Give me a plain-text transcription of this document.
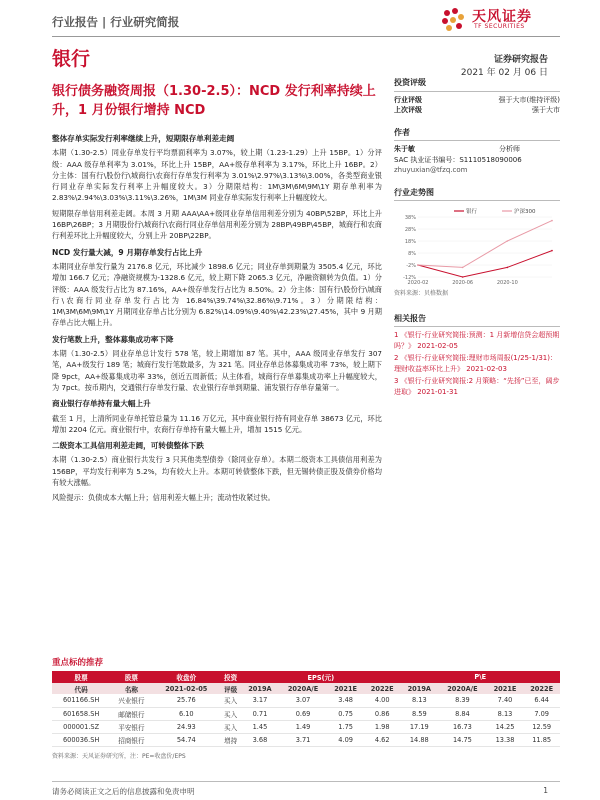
行业报告 | 行业研究简报	天风证券
TF SECURITIES
银行	证券研究报告
2021 年 02 月 06 日
银行债务融资周报（1.30-2.5）：NCD 发行利率持续上升，1 月份银行增持 NCD
整体存单实际发行利率继续上升，短期限存单利差走阔

本期（1.30-2.5）同业存单发行平均票面利率为 3.07%，较上期（1.23-1.29）上升 15BP。1）分评级：AAA 级存单利率为 3.01%，环比上升 15BP，AA+级存单利率为 3.17%，环比上升 16BP。2）分主体：国有行\股份行\城商行\农商行存单发行利率为 3.01%\2.97%\3.13%\3.00%，各类型商业银行同业存单实际发行利率上升幅度较大。3）分期限结构：1M\3M\6M\9M\1Y 期存单利率为 2.83%\2.94%\3.03%\3.11%\3.26%，1M\3M 同业存单实际发行利率上升幅度较大。

短期限存单信用利差走阔。本周 3 月期 AAA\AA+级同业存单信用利差分别为 40BP\52BP，环比上升 16BP\26BP；3 月期股份行\城商行\农商行同业存单信用利差分别为 28BP\49BP\45BP，城商行和农商行利差环比上升幅度较大，分别上升 20BP\22BP。

NCD 发行量大减，9 月期存单发行占比上升

本期同业存单发行量为 2176.8 亿元，环比减少 1898.6 亿元；同业存单到期量为 3505.4 亿元，环比增加 166.7 亿元；净融资规模为-1328.6 亿元，较上期下降 2065.3 亿元，净融资额转为负值。1）分评级：AAA 级发行占比为 87.16%，AA+级存单发行占比为 8.50%。2）分主体：国有行\股份行\城商行\农商行同业存单发行占比为 16.84%\39.74%\32.86%\9.71%。3）分期限结构：1M\3M\6M\9M\1Y 月期同业存单占比分别为 6.82%\14.09%\9.40%\42.23%\27.45%，其中 9 月期存单占比大幅上升。

发行笔数上升，整体募集成功率下降

本期（1.30-2.5）同业存单总计发行 578 笔，较上期增加 87 笔。其中，AAA 级同业存单发行 307 笔，AA+级发行 189 笔；城商行发行笔数最多，为 321 笔。同业存单总体募集成功率 73%，较上期下降 9pct，AA+级募集成功率 33%，创近五周新低；从主体看，城商行存单募集成功率上升幅度较大，为 7pct。按币期内，交通银行存单发行量、农业银行存单到期量、浦发银行存单存量第一。

商业银行存单持有量大幅上升

截至 1 月，上清所同业存单托管总量为 11.16 万亿元，其中商业银行持有同业存单 38673 亿元，环比增加 2204 亿元。商业银行中，农商行存单持有量大幅上升，增加 1515 亿元。

二级资本工具信用利差走阔，可转债整体下跌

本期（1.30-2.5）商业银行共发行 3 只其他类型债券（除同业存单）。本期二级资本工具债信用利差为 156BP，平均发行利率为 5.2%，均有较大上升。本期可转债整体下跌，但无锡转债正股及债券价格均有较大涨幅。

风险提示：负债成本大幅上升；信用利差大幅上升；流动性收紧过快。

投资评级
行业评级	强于大市(维持评级)
上次评级	强于大市
作者
朱于敏	分析师
SAC 执业证书编号：S1110518090006
zhuyuxian@tfzq.com
行业走势图
38%
28%
18%
8%
-2%
-12%
2020-02	2020-06	2020-10
银行	沪深300
资料来源：贝格数据
相关报告
1 《银行-行业研究简报:预测：1 月新增信贷会超预期吗？》 2021-02-05
2 《银行-行业研究简报:理财市场周报(1/25-1/31)：理财收益率环比上升》 2021-02-03
3 《银行-行业研究简报:2 月策略：“先扬”已至，阔步进取》 2021-01-31
重点标的推荐
股票	股票	收盘价	投资	EPS(元)				P\E			
代码	名称	2021-02-05	评级	2019A	2020A/E	2021E	2022E	2019A	2020A/E	2021E	2022E
601166.SH	兴业银行	25.76	买入	3.17	3.07	3.48	4.00	8.13	8.39	7.40	6.44
601658.SH	邮储银行	6.10	买入	0.71	0.69	0.75	0.86	8.59	8.84	8.13	7.09
000001.SZ	平安银行	24.93	买入	1.45	1.49	1.75	1.98	17.19	16.73	14.25	12.59
600036.SH	招商银行	54.74	增持	3.68	3.71	4.09	4.62	14.88	14.75	13.38	11.85
资料来源：天风证券研究所，注：PE=收盘价/EPS
请务必阅读正文之后的信息披露和免责申明	1
